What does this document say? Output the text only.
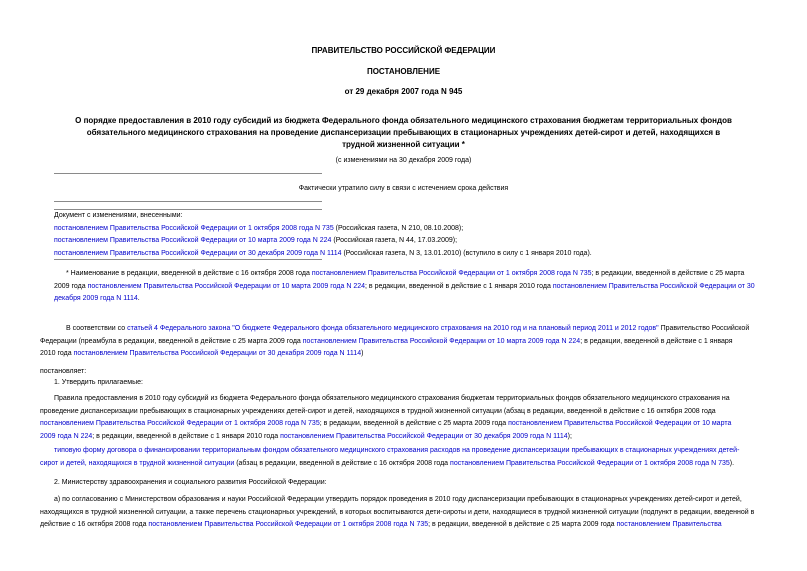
ПРАВИТЕЛЬСТВО РОССИЙСКОЙ ФЕДЕРАЦИИ
ПОСТАНОВЛЕНИЕ
от 29 декабря 2007 года N 945
О порядке предоставления в 2010 году субсидий из бюджета Федерального фонда обязательного медицинского страхования бюджетам территориальных фондов
обязательного медицинского страхования на проведение диспансеризации пребывающих в стационарных учреждениях детей-сирот и детей, находящихся в
трудной жизненной ситуации *
(с изменениями на 30 декабря 2009 года)
Фактически утратило силу в связи с истечением срока действия
Документ с изменениями, внесенными:
постановлением Правительства Российской Федерации от 1 октября 2008 года N 735 (Российская газета, N 210, 08.10.2008);
постановлением Правительства Российской Федерации от 10 марта 2009 года N 224 (Российская газета, N 44, 17.03.2009);
постановлением Правительства Российской Федерации от 30 декабря 2009 года N 1114 (Российская газета, N 3, 13.01.2010) (вступило в силу с 1 января 2010 года).
* Наименование в редакции, введенной в действие с 16 октября 2008 года постановлением Правительства Российской Федерации от 1 октября 2008 года N 735; в редакции, введенной в действие с 25 марта
2009 года постановлением Правительства Российской Федерации от 10 марта 2009 года N 224; в редакции, введенной в действие с 1 января 2010 года постановлением Правительства Российской Федерации от 30
декабря 2009 года N 1114.
В соответствии со статьей 4 Федерального закона "О бюджете Федерального фонда обязательного медицинского страхования на 2010 год и на плановый период 2011 и 2012 годов" Правительство Российской
Федерации (преамбула в редакции, введенной в действие с 25 марта 2009 года постановлением Правительства Российской Федерации от 10 марта 2009 года N 224; в редакции, введенной в действие с 1 января
2010 года постановлением Правительства Российской Федерации от 30 декабря 2009 года N 1114)
постановляет:
1. Утвердить прилагаемые:
Правила предоставления в 2010 году субсидий из бюджета Федерального фонда обязательного медицинского страхования бюджетам территориальных фондов обязательного медицинского страхования на
проведение диспансеризации пребывающих в стационарных учреждениях детей-сирот и детей, находящихся в трудной жизненной ситуации (абзац в редакции, введенной в действие с 16 октября 2008 года
постановлением Правительства Российской Федерации от 1 октября 2008 года N 735; в редакции, введенной в действие с 25 марта 2009 года постановлением Правительства Российской Федерации от 10 марта
2009 года N 224; в редакции, введенной в действие с 1 января 2010 года постановлением Правительства Российской Федерации от 30 декабря 2009 года N 1114);
типовую форму договора о финансировании территориальным фондом обязательного медицинского страхования расходов на проведение диспансеризации пребывающих в стационарных учреждениях детей-
сирот и детей, находящихся в трудной жизненной ситуации (абзац в редакции, введенной в действие с 16 октября 2008 года постановлением Правительства Российской Федерации от 1 октября 2008 года N 735).
2. Министерству здравоохранения и социального развития Российской Федерации:
а) по согласованию с Министерством образования и науки Российской Федерации утвердить порядок проведения в 2010 году диспансеризации пребывающих в стационарных учреждениях детей-сирот и детей,
находящихся в трудной жизненной ситуации, а также перечень стационарных учреждений, в которых воспитываются дети-сироты и дети, находящиеся в трудной жизненной ситуации (подпункт в редакции, введенной в
действие с 16 октября 2008 года постановлением Правительства Российской Федерации от 1 октября 2008 года N 735; в редакции, введенной в действие с 25 марта 2009 года постановлением Правительства
